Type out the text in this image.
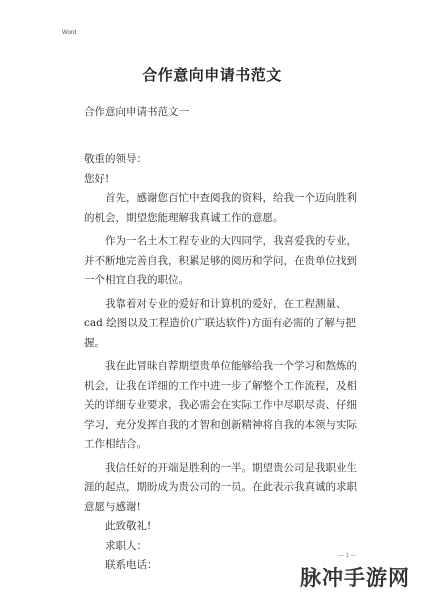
Word
合作意向申请书范文
合作意向申请书范文一

敬重的领导：

您好!

首先，感谢您百忙中查阅我的资料，给我一个迈向胜利的机会，期望您能理解我真诚工作的意愿。

作为一名土木工程专业的大四同学，我喜爱我的专业，并不断地完善自我，积累足够的阅历和学问，在贵单位找到一个相宜自我的职位。

我靠着对专业的爱好和计算机的爱好，在工程测量、cad 绘图以及工程造价(广联达软件)方面有必需的了解与把握。

我在此冒昧自荐期望贵单位能够给我一个学习和熬炼的机会，让我在详细的工作中进一步了解整个工作流程，及相关的详细专业要求，我必需会在实际工作中尽职尽责、仔细学习，充分发挥自我的才智和创新精神将自我的本领与实际工作相结合。

我信任好的开端是胜利的一半。期望贵公司是我职业生涯的起点，期盼成为贵公司的一员。在此表示我真诚的求职意愿与感谢!

此致敬礼!

求职人：

联系电话：

— 1 —
脉冲手游网
